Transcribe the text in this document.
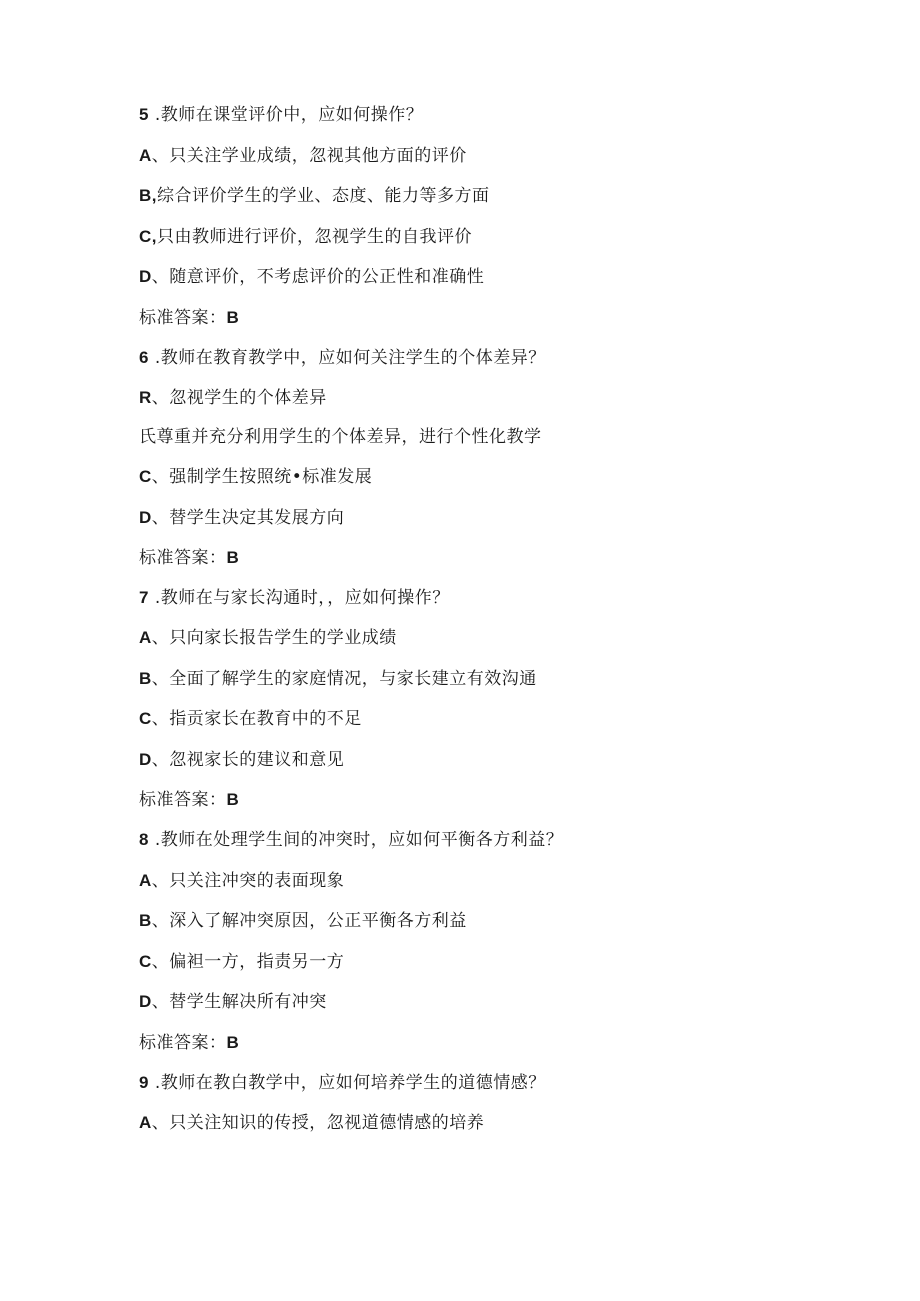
5 .教师在课堂评价中，应如何操作？
A、只关注学业成绩，忽视其他方面的评价
B,综合评价学生的学业、态度、能力等多方面
C,只由教师进行评价，忽视学生的自我评价
D、随意评价，不考虑评价的公正性和准确性
标准答案：B
6 .教师在教育教学中，应如何关注学生的个体差异？
R、忽视学生的个体差异
氏尊重并充分利用学生的个体差异，进行个性化教学
C、强制学生按照统•标准发展
D、替学生决定其发展方向
标准答案：B
7 .教师在与家长沟通时，，应如何操作？
A、只向家长报告学生的学业成绩
B、全面了解学生的家庭情况，与家长建立有效沟通
C、指贡家长在教育中的不足
D、忽视家长的建议和意见
标准答案：B
8 .教师在处理学生间的冲突时，应如何平衡各方利益？
A、只关注冲突的表面现象
B、深入了解冲突原因，公正平衡各方利益
C、偏袒一方，指责另一方
D、替学生解决所有冲突
标准答案：B
9 .教师在教白教学中，应如何培养学生的道德情感？
A、只关注知识的传授，忽视道德情感的培养
